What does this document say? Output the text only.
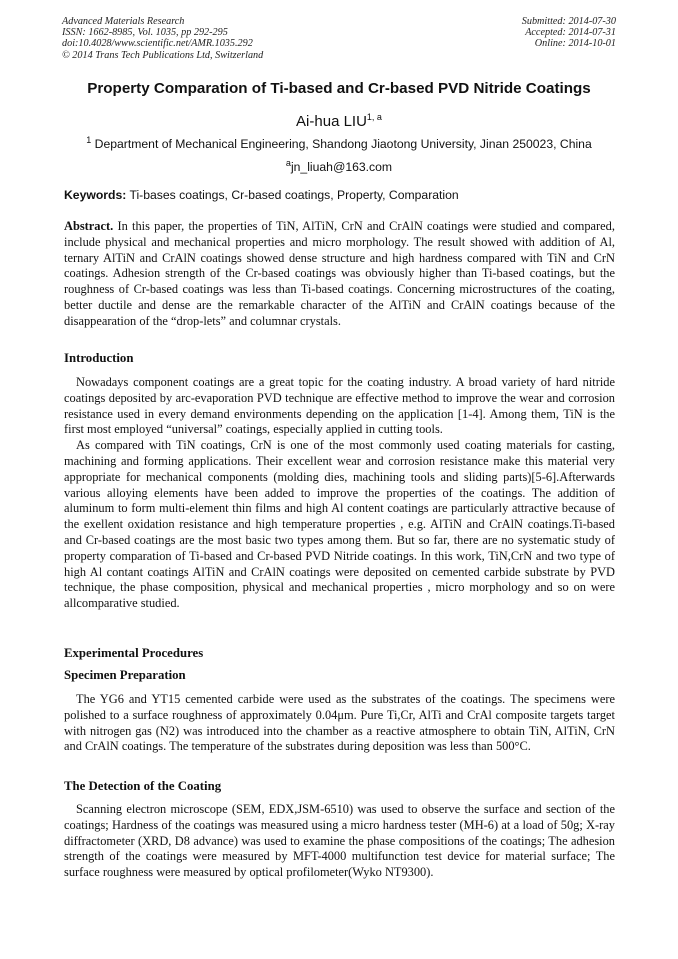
Advanced Materials Research
ISSN: 1662-8985, Vol. 1035, pp 292-295
doi:10.4028/www.scientific.net/AMR.1035.292
© 2014 Trans Tech Publications Ltd, Switzerland
Submitted: 2014-07-30
Accepted: 2014-07-31
Online: 2014-10-01
Property Comparation of Ti-based and Cr-based PVD Nitride Coatings
Ai-hua LIU$^{1, a}$
$^1$ Department of Mechanical Engineering, Shandong Jiaotong University, Jinan 250023, China
$^a$jn_liuah@163.com
Keywords: Ti-bases coatings, Cr-based coatings, Property, Comparation
Abstract. In this paper, the properties of TiN, AlTiN, CrN and CrAlN coatings were studied and compared, include physical and mechanical properties and micro morphology. The result showed with addition of Al, ternary AlTiN and CrAlN coatings showed dense structure and high hardness compared with TiN and CrN coatings. Adhesion strength of the Cr-based coatings was obviously higher than Ti-based coatings, but the roughness of Cr-based coatings was less than Ti-based coatings. Concerning microstructures of the coating, better ductile and dense are the remarkable character of the AlTiN and CrAlN coatings because of the disappearation of the “drop-lets” and columnar crystals.
Introduction

Nowadays component coatings are a great topic for the coating industry. A broad variety of hard nitride coatings deposited by arc-evaporation PVD technique are effective method to improve the wear and corrosion resistance used in every demand environments depending on the application [1-4]. Among them, TiN is the first most employed “universal” coatings, especially applied in cutting tools.

As compared with TiN coatings, CrN is one of the most commonly used coating materials for casting, machining and forming applications. Their excellent wear and corrosion resistance make this material very appropriate for mechanical components (molding dies, machining tools and sliding parts)[5-6].Afterwards various alloying elements have been added to improve the properties of the coatings. The addition of aluminum to form multi-element thin films and high Al content coatings are particularly attractive because of the exellent oxidation resistance and high temperature properties , e.g. AlTiN and CrAlN coatings.Ti-based and Cr-based coatings are the most basic two types among them. But so far, there are no systematic study of property comparation of Ti-based and Cr-based PVD Nitride coatings. In this work, TiN,CrN and two type of high Al contant coatings AlTiN and CrAlN coatings were deposited on cemented carbide substrate by PVD technique, the phase composition, physical and mechanical properties , micro morphology and so on were allcomparative studied.

Experimental Procedures
Specimen Preparation

The YG6 and YT15 cemented carbide were used as the substrates of the coatings. The specimens were polished to a surface roughness of approximately 0.04μm. Pure Ti,Cr, AlTi and CrAl composite targets target with nitrogen gas (N2) was introduced into the chamber as a reactive atmosphere to obtain TiN, AlTiN, CrN and CrAlN coatings. The temperature of the substrates during deposition was less than 500°C.

The Detection of the Coating

Scanning electron microscope (SEM, EDX,JSM-6510) was used to observe the surface and section of the coatings; Hardness of the coatings was measured using a micro hardness tester (MH-6) at a load of 50g; X-ray diffractometer (XRD, D8 advance) was used to examine the phase compositions of the coatings; The adhesion strength of the coatings were measured by MFT-4000 multifunction test device for material surface; The surface roughness were measured by optical profilometer(Wyko NT9300).
